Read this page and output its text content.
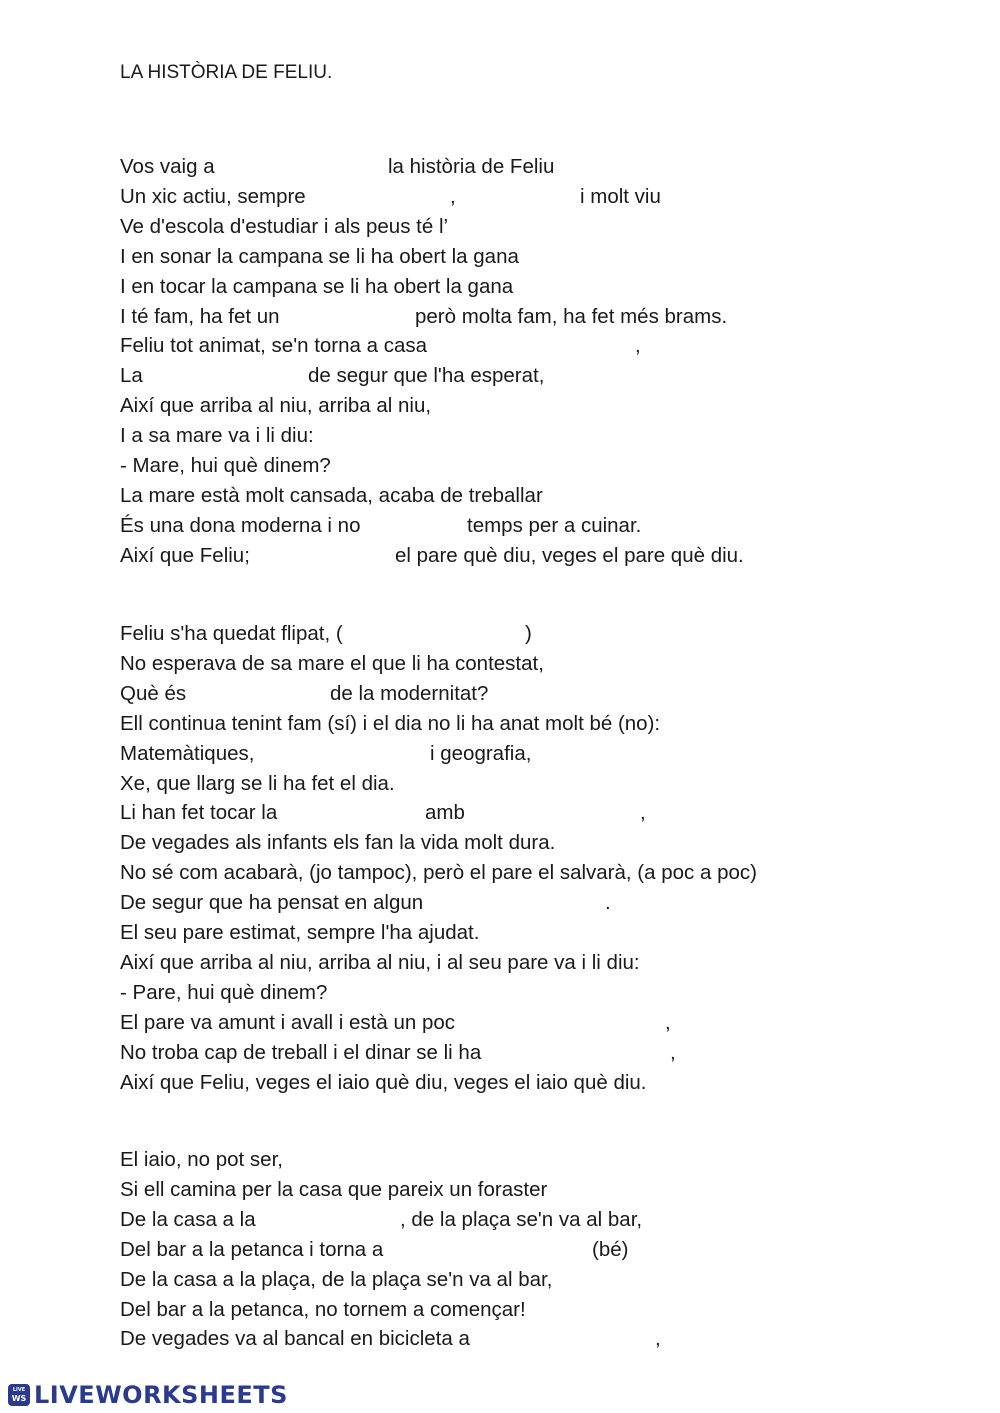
LA HISTÒRIA DE FELIU.
Vos vaig a	la història de Feliu
Un xic actiu, sempre	,	i molt viu
Ve d'escola d'estudiar i als peus té l’
I en sonar la campana se li ha obert la gana
I en tocar la campana se li ha obert la gana
I té fam, ha fet un	però molta fam, ha fet més brams.
Feliu tot animat, se'n torna a casa	,
La	de segur que l'ha esperat,
Així que arriba al niu, arriba al niu,
I a sa mare va i li diu:
- Mare, hui què dinem?
La mare està molt cansada, acaba de treballar
És una dona moderna i no	temps per a cuinar.
Així que Feliu;	el pare què diu, veges el pare què diu.
Feliu s'ha quedat flipat, (	)
No esperava de sa mare el que li ha contestat,
Què és	de la modernitat?
Ell continua tenint fam (sí) i el dia no li ha anat molt bé (no):
Matemàtiques,	i geografia,
Xe, que llarg se li ha fet el dia.
Li han fet tocar la	amb	,
De vegades als infants els fan la vida molt dura.
No sé com acabarà, (jo tampoc), però el pare el salvarà, (a poc a poc)
De segur que ha pensat en algun	.
El seu pare estimat, sempre l'ha ajudat.
Així que arriba al niu, arriba al niu, i al seu pare va i li diu:
- Pare, hui què dinem?
El pare va amunt i avall i està un poc	,
No troba cap de treball i el dinar se li ha	,
Així que Feliu, veges el iaio què diu, veges el iaio què diu.
El iaio, no pot ser,
Si ell camina per la casa que pareix un foraster
De la casa a la	, de la plaça se'n va al bar,
Del bar a la petanca i torna a	(bé)
De la casa a la plaça, de la plaça se'n va al bar,
Del bar a la petanca, no tornem a començar!
De vegades va al bancal en bicicleta a	,
LIVE
WS LIVEWORKSHEETS
